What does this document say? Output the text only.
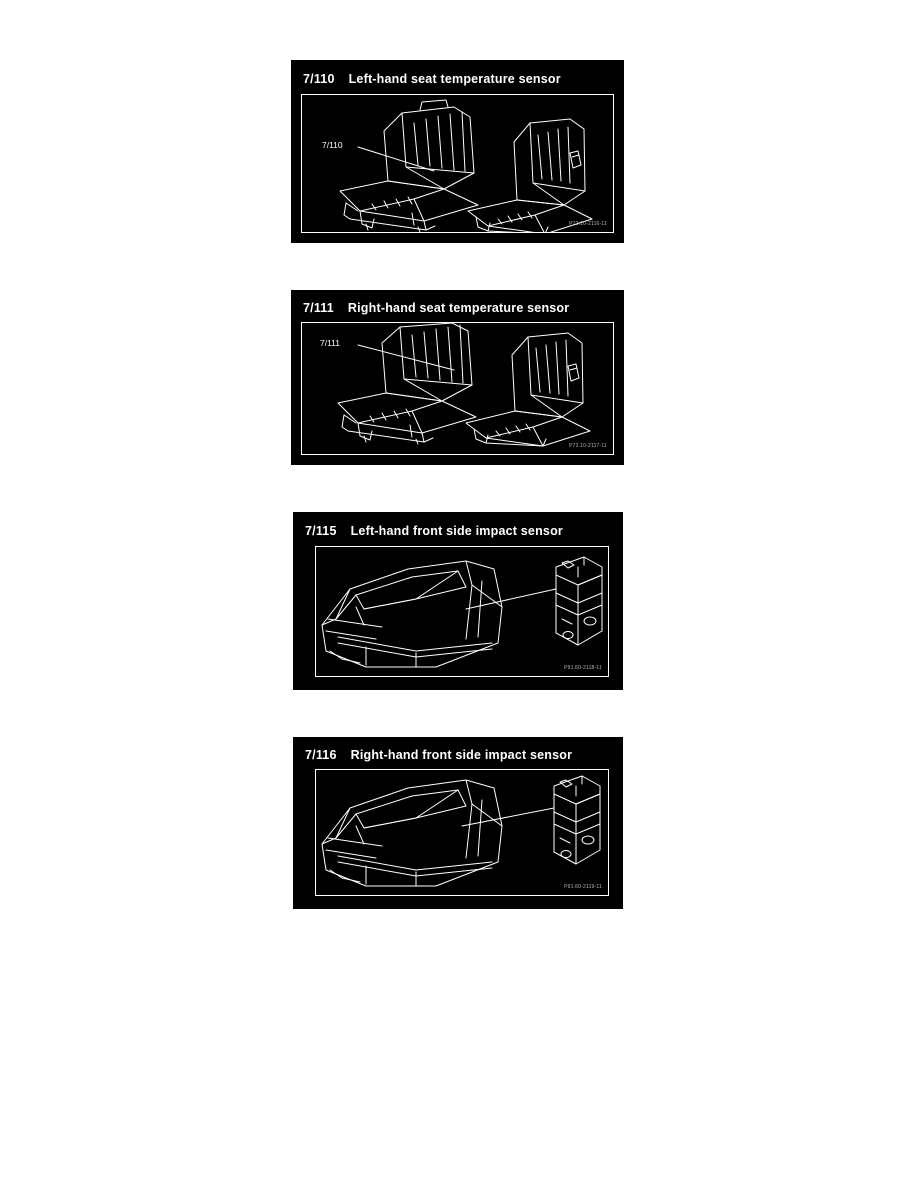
7/110 Left-hand seat temperature sensor
7/110
P72.10-2116-11
7/111 Right-hand seat temperature sensor
7/111
P72.10-2117-11
7/115 Left-hand front side impact sensor
P91.60-2118-11
7/116 Right-hand front side impact sensor
P91.60-2119-11
